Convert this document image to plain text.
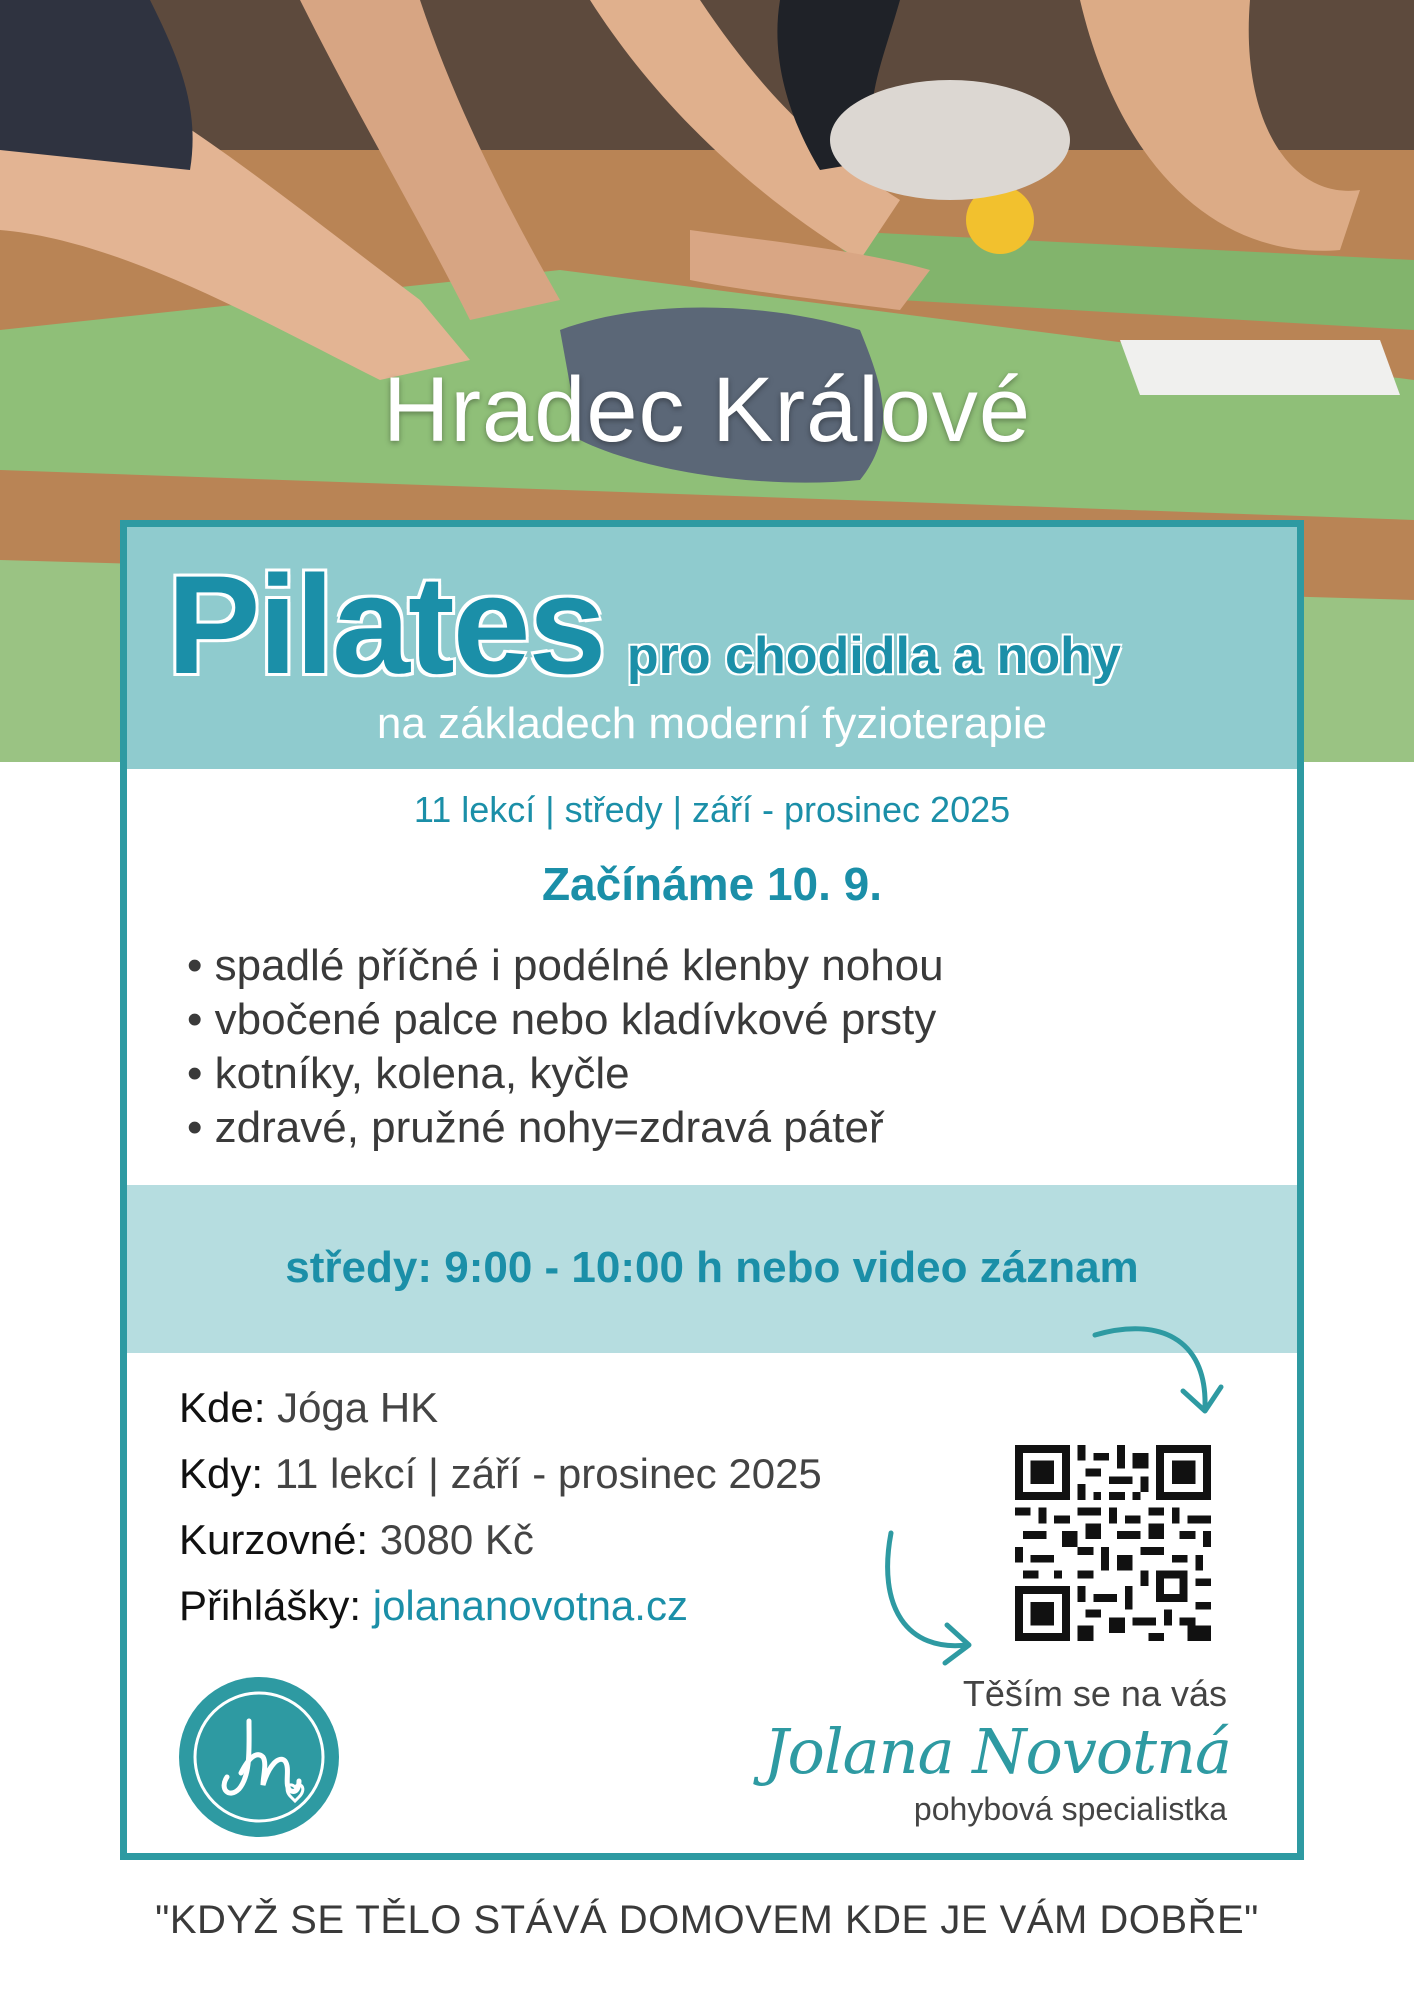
Hradec Králové
Pilates pro chodidla a nohy
na základech moderní fyzioterapie
11 lekcí | středy | září - prosinec 2025
Začínáme 10. 9.
• spadlé příčné i podélné klenby nohou
• vbočené palce nebo kladívkové prsty
• kotníky, kolena, kyčle
• zdravé, pružné nohy=zdravá páteř
středy: 9:00 - 10:00 h nebo video záznam
Kde: Jóga HK
Kdy: 11 lekcí | září - prosinec 2025
Kurzovné: 3080 Kč
Přihlášky: jolananovotna.cz
Těším se na vás
Jolana Novotná
pohybová specialistka
"KDYŽ SE TĚLO STÁVÁ DOMOVEM KDE JE VÁM DOBŘE"
